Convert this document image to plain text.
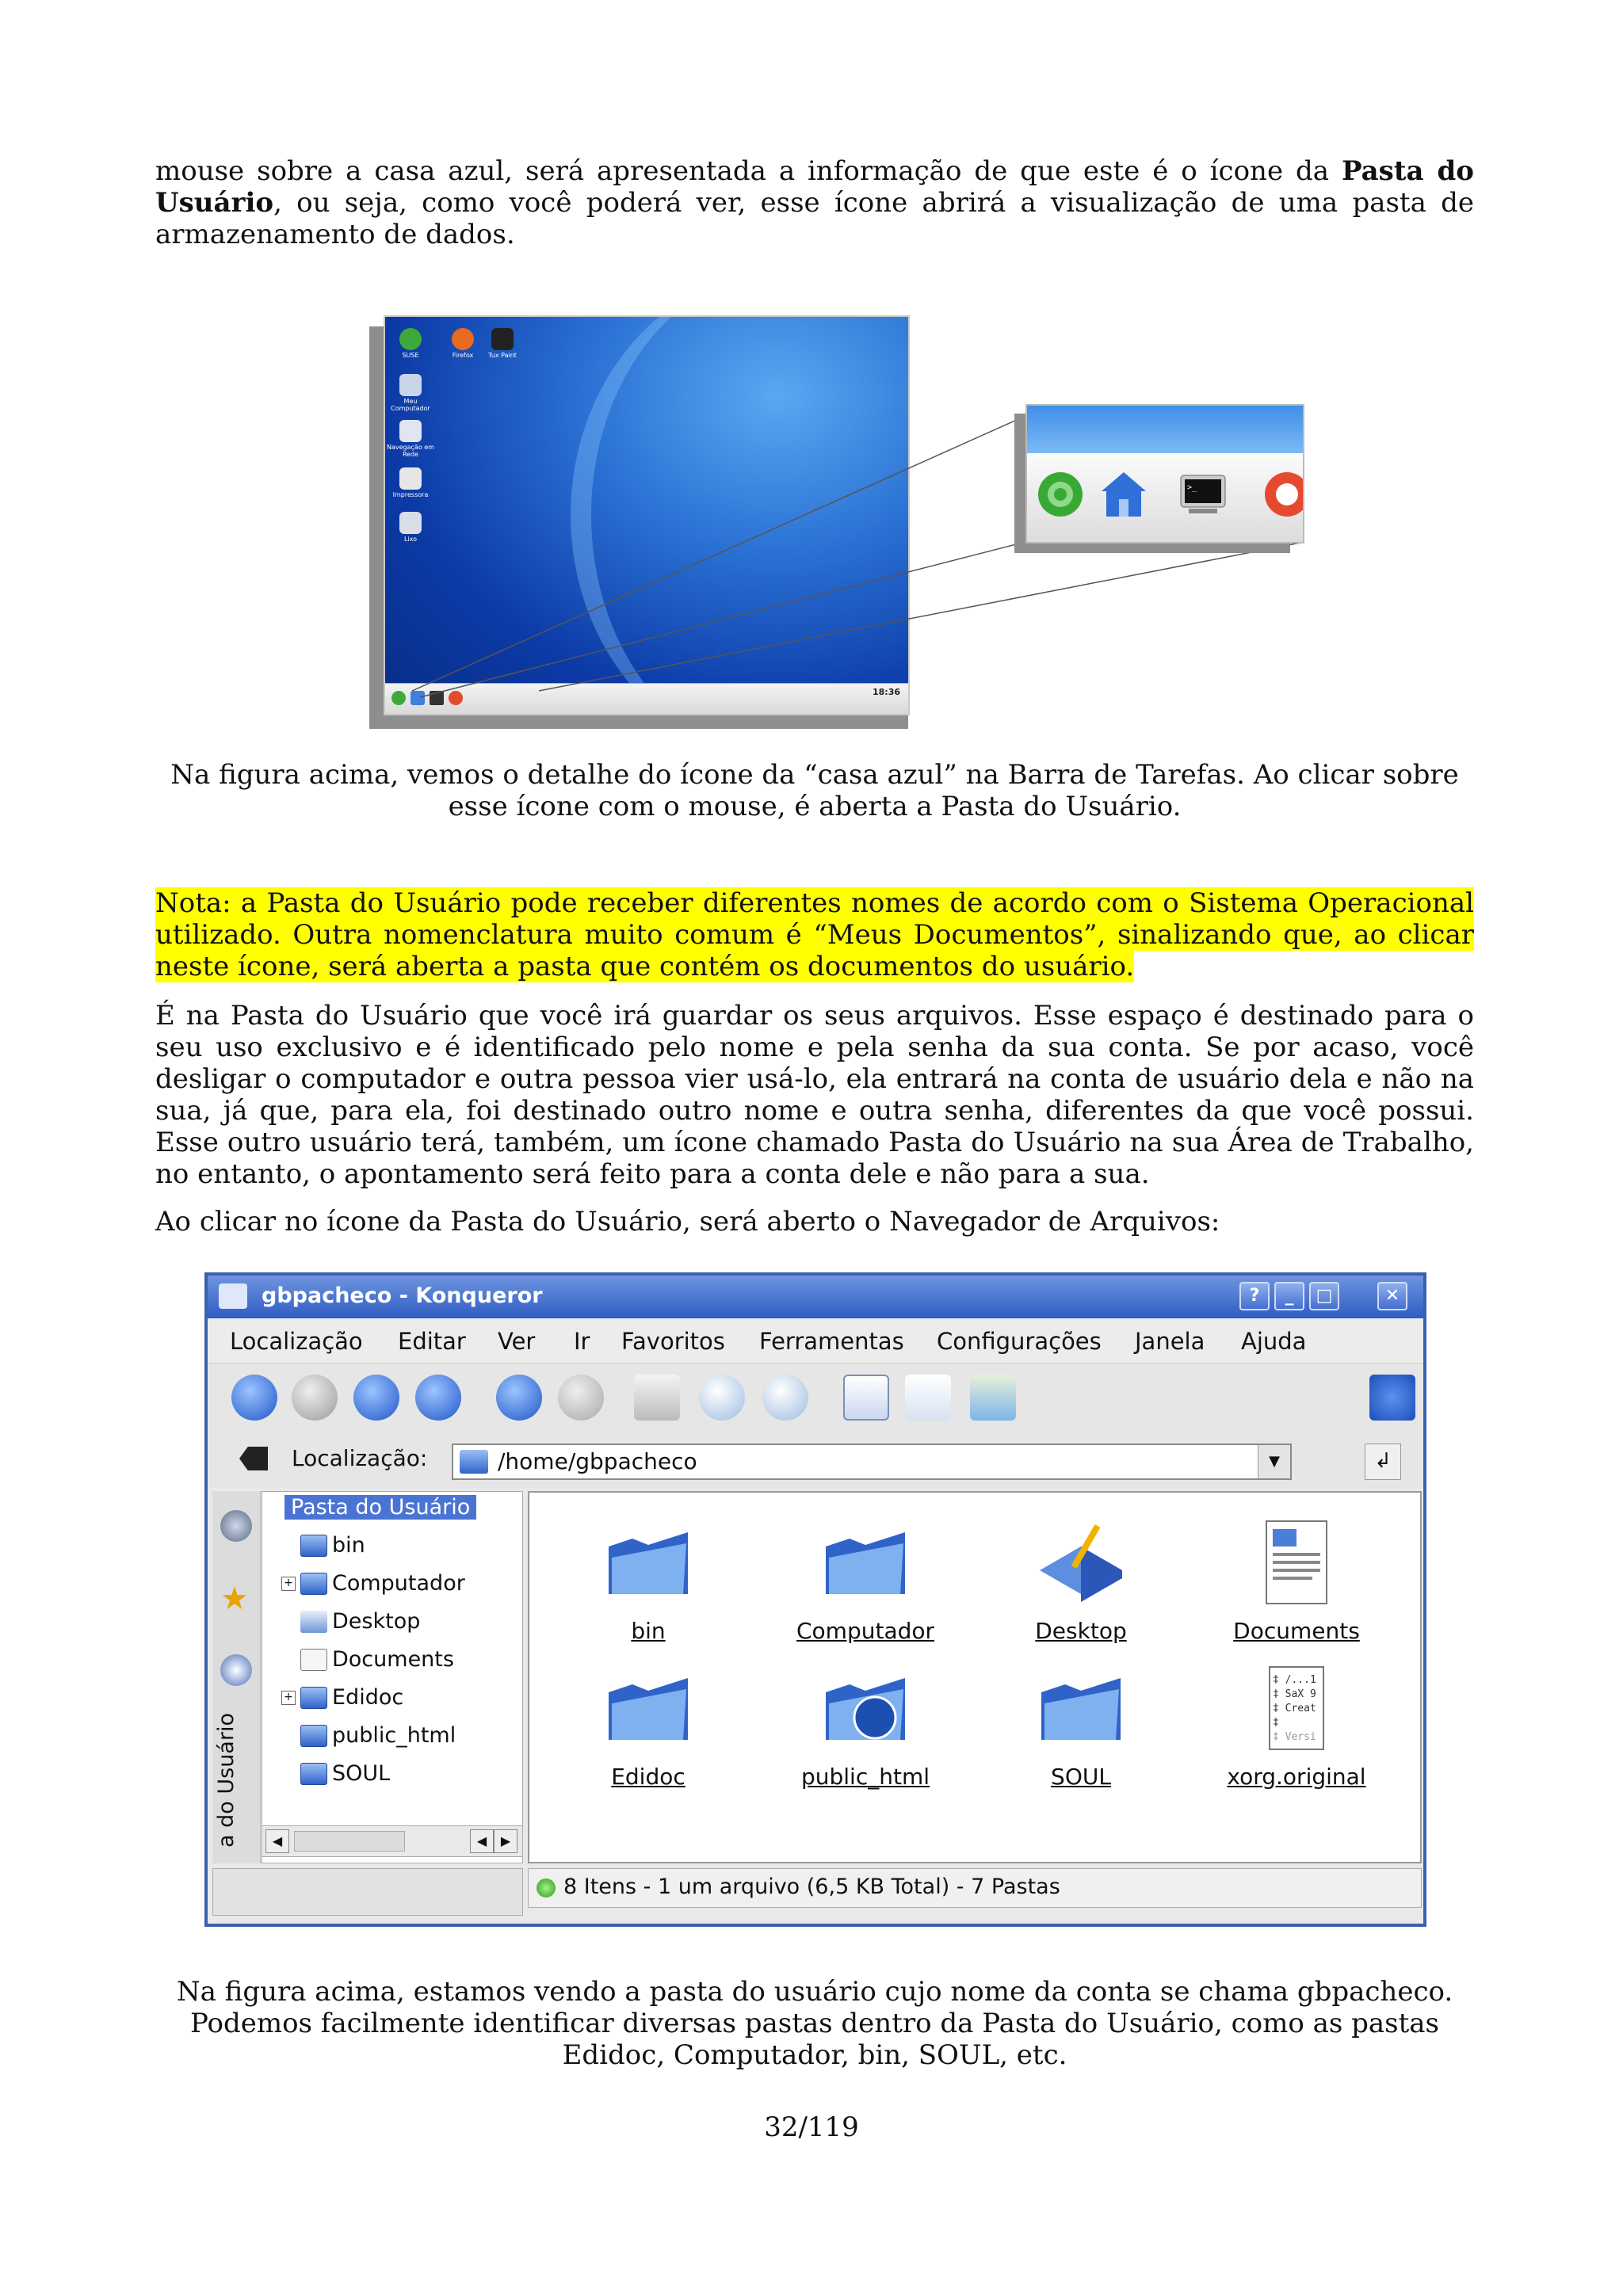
mouse sobre a casa azul, será apresentada a informação de que este é o ícone da Pasta do Usuário, ou seja, como você poderá ver, esse ícone abrirá a visualização de uma pasta de armazenamento de dados.
SUSE	Firefox	Tux Paint
Meu Computador
Navegação em Rede
Impressora
Lixo
18:36
>_
Na figura acima, vemos o detalhe do ícone da “casa azul” na Barra de Tarefas. Ao clicar sobre esse ícone com o mouse, é aberta a Pasta do Usuário.
Nota: a Pasta do Usuário pode receber diferentes nomes de acordo com o Sistema Operacional utilizado. Outra nomenclatura muito comum é “Meus Documentos”, sinalizando que, ao clicar neste ícone, será aberta a pasta que contém os documentos do usuário.
É na Pasta do Usuário que você irá guardar os seus arquivos. Esse espaço é destinado para o seu uso exclusivo e é identificado pelo nome e pela senha da sua conta. Se por acaso, você desligar o computador e outra pessoa vier usá-lo, ela entrará na conta de usuário dela e não na sua, já que, para ela, foi destinado outro nome e outra senha, diferentes da que você possui. Esse outro usuário terá, também, um ícone chamado Pasta do Usuário na sua Área de Trabalho, no entanto, o apontamento será feito para a conta dele e não para a sua.
Ao clicar no ícone da Pasta do Usuário, será aberto o Navegador de Arquivos:
gbpacheco - Konqueror	?	_	□	✕
Localização Editar Ver Ir Favoritos Ferramentas Configurações Janela Ajuda
Localização:	/home/gbpacheco	▼	↲
★
a do Usuário
Pasta do Usuário
bin
+ Computador
Desktop
Documents
+ Edidoc
public_html
SOUL
◀	◀	▶
bin	Computador	Desktop	Documents
Edidoc	public_html	SOUL
‡ /...1
‡ SaX 9
‡ Creat
‡
‡ Versi
xorg.original
8 Itens - 1 um arquivo (6,5 KB Total) - 7 Pastas
Na figura acima, estamos vendo a pasta do usuário cujo nome da conta se chama gbpacheco. Podemos facilmente identificar diversas pastas dentro da Pasta do Usuário, como as pastas Edidoc, Computador, bin, SOUL, etc.
32/119
